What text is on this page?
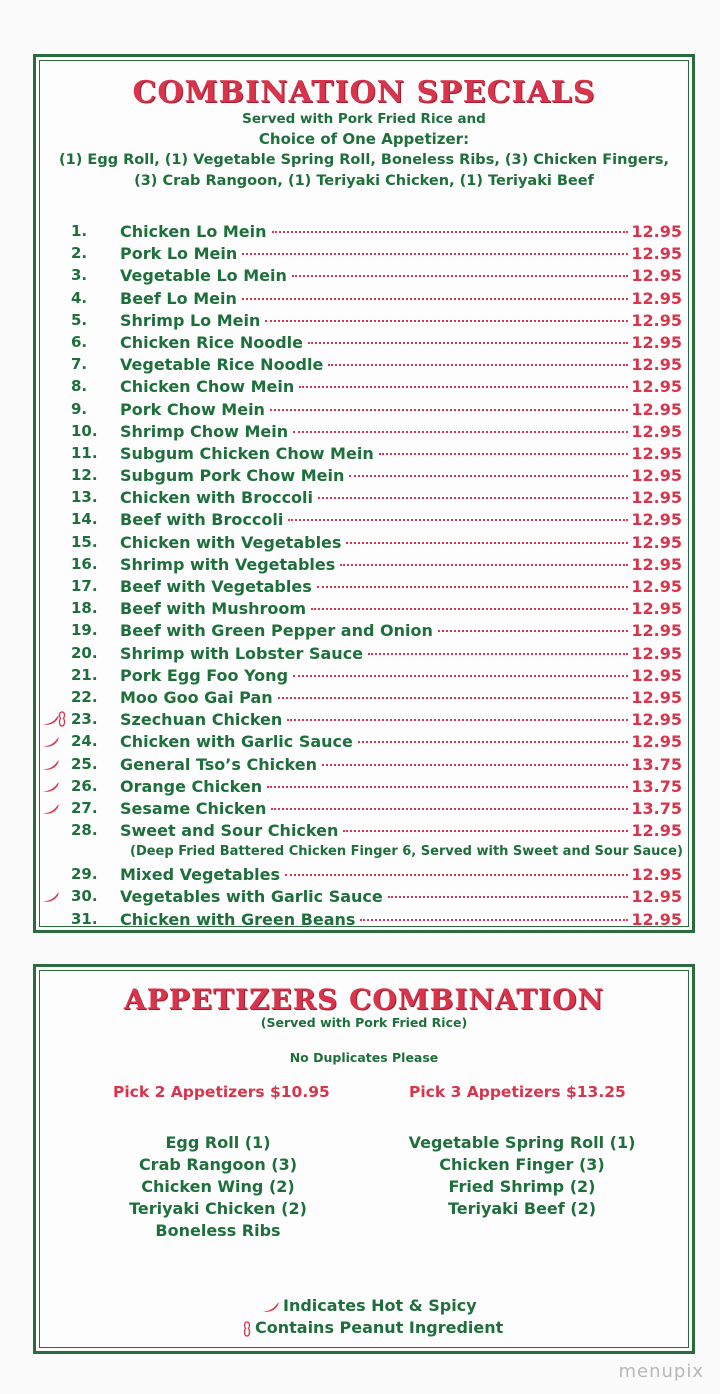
COMBINATION SPECIALS
Served with Pork Fried Rice and
Choice of One Appetizer:
(1) Egg Roll, (1) Vegetable Spring Roll, Boneless Ribs, (3) Chicken Fingers,
(3) Crab Rangoon, (1) Teriyaki Chicken, (1) Teriyaki Beef
1. Chicken Lo Mein	12.95
2. Pork Lo Mein	12.95
3. Vegetable Lo Mein	12.95
4. Beef Lo Mein	12.95
5. Shrimp Lo Mein	12.95
6. Chicken Rice Noodle	12.95
7. Vegetable Rice Noodle	12.95
8. Chicken Chow Mein	12.95
9. Pork Chow Mein	12.95
10. Shrimp Chow Mein	12.95
11. Subgum Chicken Chow Mein	12.95
12. Subgum Pork Chow Mein	12.95
13. Chicken with Broccoli	12.95
14. Beef with Broccoli	12.95
15. Chicken with Vegetables	12.95
16. Shrimp with Vegetables	12.95
17. Beef with Vegetables	12.95
18. Beef with Mushroom	12.95
19. Beef with Green Pepper and Onion	12.95
20. Shrimp with Lobster Sauce	12.95
21. Pork Egg Foo Yong	12.95
22. Moo Goo Gai Pan	12.95
23. Szechuan Chicken	12.95
24. Chicken with Garlic Sauce	12.95
25. General Tso’s Chicken	13.75
26. Orange Chicken	13.75
27. Sesame Chicken	13.75
28. Sweet and Sour Chicken	12.95
(Deep Fried Battered Chicken Finger 6, Served with Sweet and Sour Sauce)
29. Mixed Vegetables	12.95
30. Vegetables with Garlic Sauce	12.95
31. Chicken with Green Beans	12.95
APPETIZERS COMBINATION
(Served with Pork Fried Rice)
No Duplicates Please
Pick 2 Appetizers $10.95	Pick 3 Appetizers $13.25
Egg Roll (1)
Crab Rangoon (3)
Chicken Wing (2)
Teriyaki Chicken (2)
Boneless Ribs
Vegetable Spring Roll (1)
Chicken Finger (3)
Fried Shrimp (2)
Teriyaki Beef (2)
Indicates Hot & Spicy
Contains Peanut Ingredient
menupix
